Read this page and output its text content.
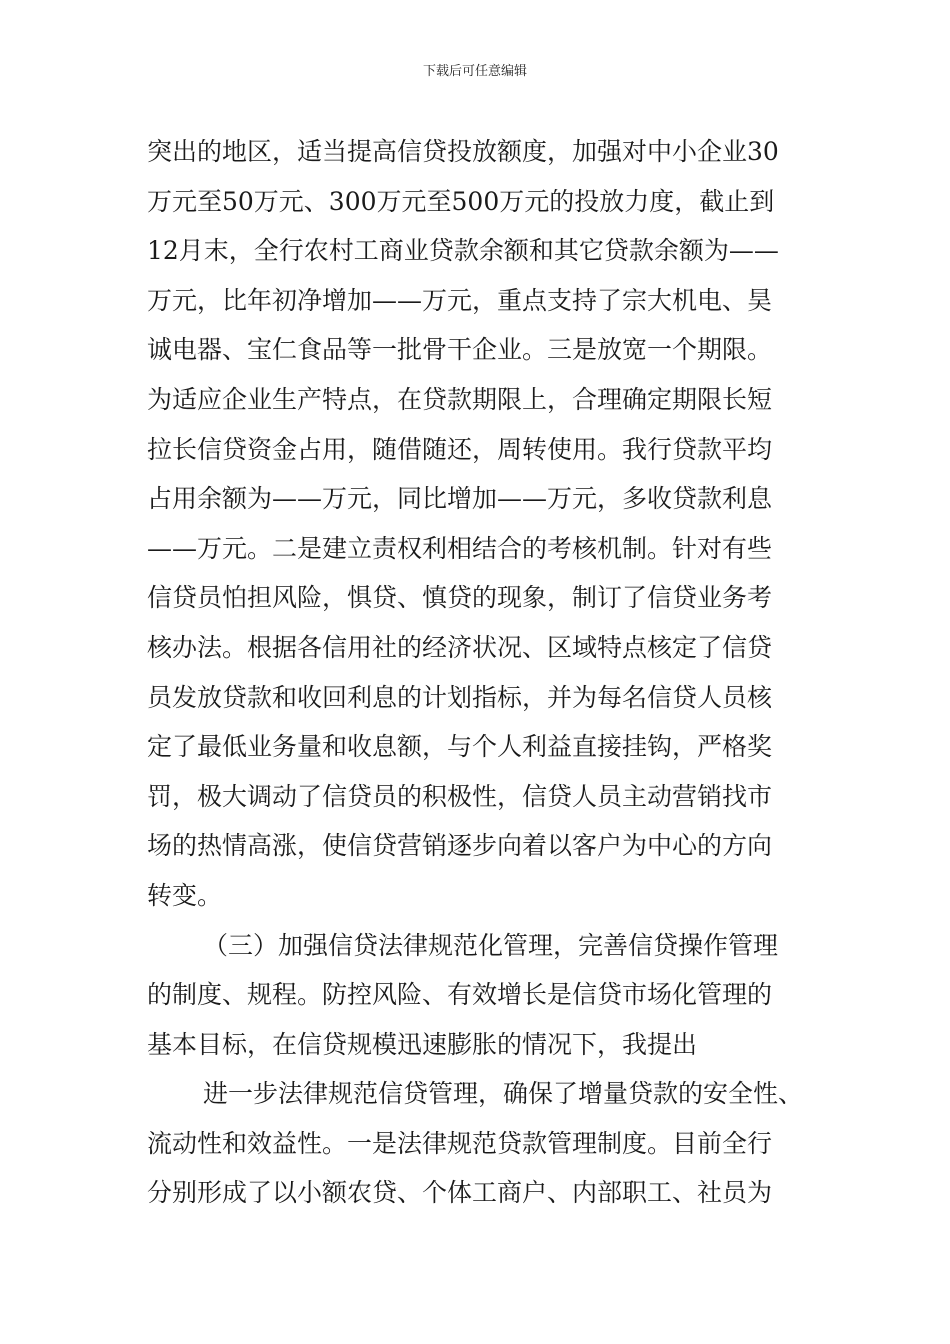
下载后可任意编辑
突出的地区，适当提高信贷投放额度，加强对中小企业30
万元至50万元、300万元至500万元的投放力度，截止到
12月末，全行农村工商业贷款余额和其它贷款余额为——
万元，比年初净增加——万元，重点支持了宗大机电、昊
诚电器、宝仁食品等一批骨干企业。三是放宽一个期限。
为适应企业生产特点，在贷款期限上，合理确定期限长短
拉长信贷资金占用，随借随还，周转使用。我行贷款平均
占用余额为——万元，同比增加——万元，多收贷款利息
——万元。二是建立责权利相结合的考核机制。针对有些
信贷员怕担风险，惧贷、慎贷的现象，制订了信贷业务考
核办法。根据各信用社的经济状况、区域特点核定了信贷
员发放贷款和收回利息的计划指标，并为每名信贷人员核
定了最低业务量和收息额，与个人利益直接挂钩，严格奖
罚，极大调动了信贷员的积极性，信贷人员主动营销找市
场的热情高涨，使信贷营销逐步向着以客户为中心的方向
转变。
（三）加强信贷法律规范化管理，完善信贷操作管理
的制度、规程。防控风险、有效增长是信贷市场化管理的
基本目标，在信贷规模迅速膨胀的情况下，我提出
进一步法律规范信贷管理，确保了增量贷款的安全性、
流动性和效益性。一是法律规范贷款管理制度。目前全行
分别形成了以小额农贷、个体工商户、内部职工、社员为
